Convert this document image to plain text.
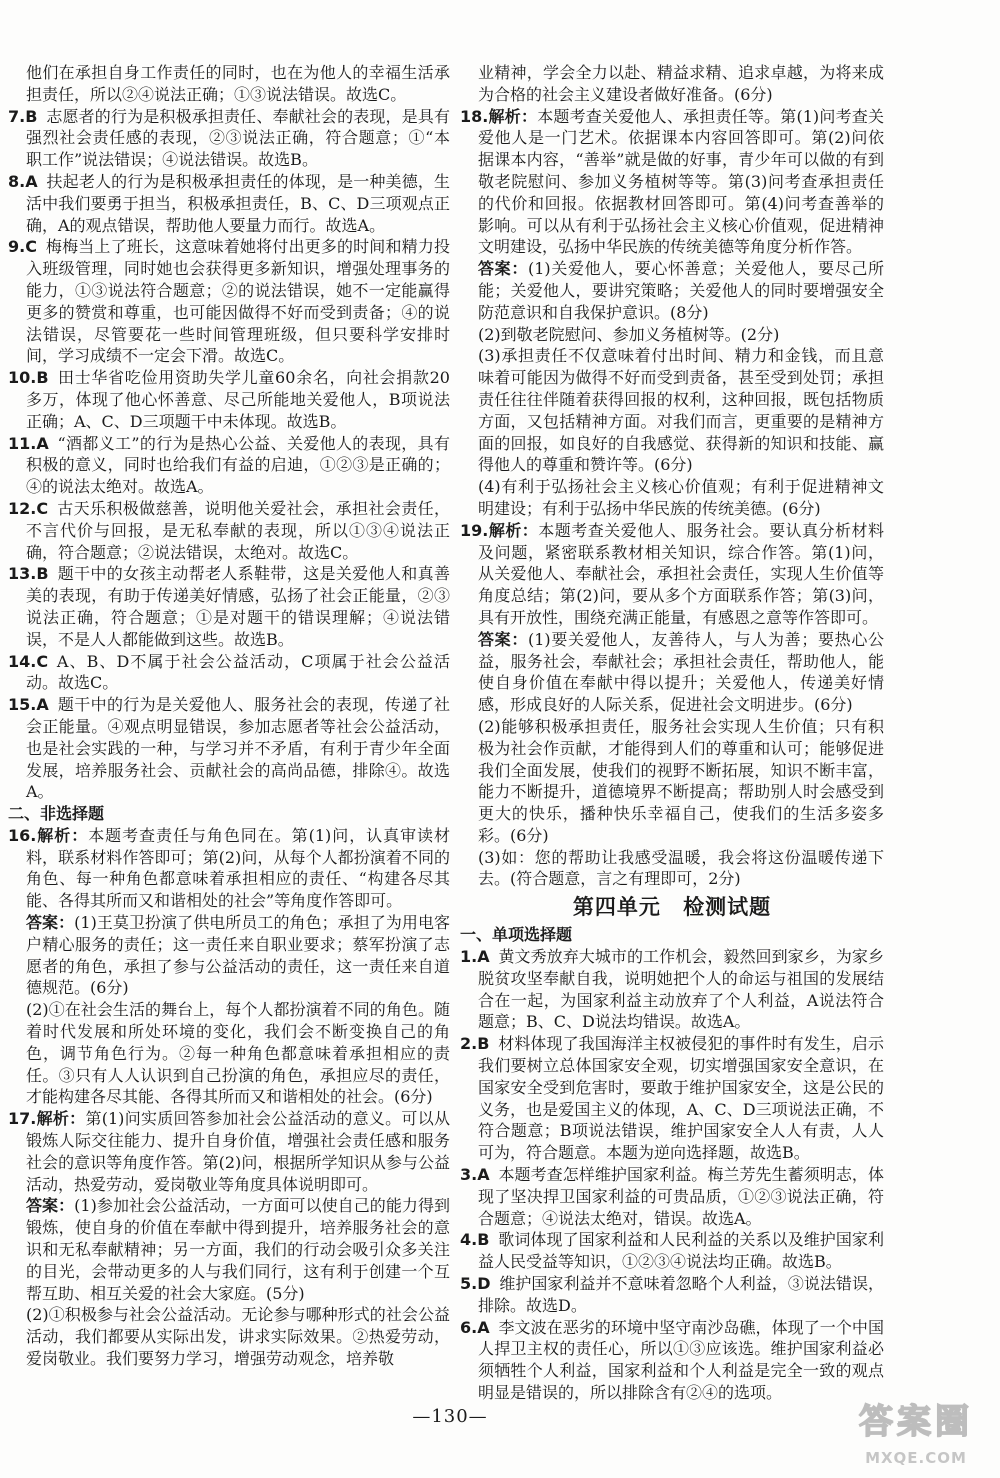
他们在承担自身工作责任的同时，也在为他人的幸福生活承担责任，所以②④说法正确；①③说法错误。故选C。

7.B 志愿者的行为是积极承担责任、奉献社会的表现，是具有强烈社会责任感的表现，②③说法正确，符合题意；①“本职工作”说法错误；④说法错误。故选B。

8.A 扶起老人的行为是积极承担责任的体现，是一种美德，生活中我们要勇于担当，积极承担责任，B、C、D三项观点正确，A的观点错误，帮助他人要量力而行。故选A。

9.C 梅梅当上了班长，这意味着她将付出更多的时间和精力投入班级管理，同时她也会获得更多新知识，增强处理事务的能力，①③说法符合题意；②的说法错误，她不一定能赢得更多的赞赏和尊重，也可能因做得不好而受到责备；④的说法错误，尽管要花一些时间管理班级，但只要科学安排时间，学习成绩不一定会下滑。故选C。

10.B 田士华省吃俭用资助失学儿童60余名，向社会捐款20多万，体现了他心怀善意、尽己所能地关爱他人，B项说法正确；A、C、D三项题干中未体现。故选B。

11.A “酒都义工”的行为是热心公益、关爱他人的表现，具有积极的意义，同时也给我们有益的启迪，①②③是正确的；④的说法太绝对。故选A。

12.C 古天乐积极做慈善，说明他关爱社会，承担社会责任，不言代价与回报，是无私奉献的表现，所以①③④说法正确，符合题意；②说法错误，太绝对。故选C。

13.B 题干中的女孩主动帮老人系鞋带，这是关爱他人和真善美的表现，有助于传递美好情感，弘扬了社会正能量，②③说法正确，符合题意；①是对题干的错误理解；④说法错误，不是人人都能做到这些。故选B。

14.C A、B、D不属于社会公益活动，C项属于社会公益活动。故选C。

15.A 题干中的行为是关爱他人、服务社会的表现，传递了社会正能量。④观点明显错误，参加志愿者等社会公益活动，也是社会实践的一种，与学习并不矛盾，有利于青少年全面发展，培养服务社会、贡献社会的高尚品德，排除④。故选A。

二、非选择题

16.解析：本题考查责任与角色同在。第(1)问，认真审读材料，联系材料作答即可；第(2)问，从每个人都扮演着不同的角色、每一种角色都意味着承担相应的责任、“构建各尽其能、各得其所而又和谐相处的社会”等角度作答即可。

答案：(1)王莫卫扮演了供电所员工的角色；承担了为用电客户精心服务的责任；这一责任来自职业要求；蔡军扮演了志愿者的角色，承担了参与公益活动的责任，这一责任来自道德规范。(6分)

(2)①在社会生活的舞台上，每个人都扮演着不同的角色。随着时代发展和所处环境的变化，我们会不断变换自己的角色，调节角色行为。②每一种角色都意味着承担相应的责任。③只有人人认识到自己扮演的角色，承担应尽的责任，才能构建各尽其能、各得其所而又和谐相处的社会。(6分)

17.解析：第(1)问实质回答参加社会公益活动的意义。可以从锻炼人际交往能力、提升自身价值，增强社会责任感和服务社会的意识等角度作答。第(2)问，根据所学知识从参与公益活动，热爱劳动，爱岗敬业等角度具体说明即可。

答案：(1)参加社会公益活动，一方面可以使自己的能力得到锻炼，使自身的价值在奉献中得到提升，培养服务社会的意识和无私奉献精神；另一方面，我们的行动会吸引众多关注的目光，会带动更多的人与我们同行，这有利于创建一个互帮互助、相互关爱的社会大家庭。(5分)

(2)①积极参与社会公益活动。无论参与哪种形式的社会公益活动，我们都要从实际出发，讲求实际效果。②热爱劳动，爱岗敬业。我们要努力学习，增强劳动观念，培养敬

业精神，学会全力以赴、精益求精、追求卓越，为将来成为合格的社会主义建设者做好准备。(6分)

18.解析：本题考查关爱他人、承担责任等。第(1)问考查关爱他人是一门艺术。依据课本内容回答即可。第(2)问依据课本内容，“善举”就是做的好事，青少年可以做的有到敬老院慰问、参加义务植树等等。第(3)问考查承担责任的代价和回报。依据教材回答即可。第(4)问考查善举的影响。可以从有利于弘扬社会主义核心价值观，促进精神文明建设，弘扬中华民族的传统美德等角度分析作答。

答案：(1)关爱他人，要心怀善意；关爱他人，要尽己所能；关爱他人，要讲究策略；关爱他人的同时要增强安全防范意识和自我保护意识。(8分)

(2)到敬老院慰问、参加义务植树等。(2分)

(3)承担责任不仅意味着付出时间、精力和金钱，而且意味着可能因为做得不好而受到责备，甚至受到处罚；承担责任往往伴随着获得回报的权利，这种回报，既包括物质方面，又包括精神方面。对我们而言，更重要的是精神方面的回报，如良好的自我感觉、获得新的知识和技能、赢得他人的尊重和赞许等。(6分)

(4)有利于弘扬社会主义核心价值观；有利于促进精神文明建设；有利于弘扬中华民族的传统美德。(6分)

19.解析：本题考查关爱他人、服务社会。要认真分析材料及问题，紧密联系教材相关知识，综合作答。第(1)问，从关爱他人、奉献社会，承担社会责任，实现人生价值等角度总结；第(2)问，要从多个方面联系作答；第(3)问，具有开放性，围绕充满正能量，有感恩之意等作答即可。

答案：(1)要关爱他人，友善待人，与人为善；要热心公益，服务社会，奉献社会；承担社会责任，帮助他人，能使自身价值在奉献中得以提升；关爱他人，传递美好情感，形成良好的人际关系，促进社会文明进步。(6分)

(2)能够积极承担责任，服务社会实现人生价值；只有积极为社会作贡献，才能得到人们的尊重和认可；能够促进我们全面发展，使我们的视野不断拓展，知识不断丰富，能力不断提升，道德境界不断提高；帮助别人时会感受到更大的快乐，播种快乐幸福自己，使我们的生活多姿多彩。(6分)

(3)如：您的帮助让我感受温暖，我会将这份温暖传递下去。(符合题意，言之有理即可，2分)

第四单元 检测试题

一、单项选择题

1.A 黄文秀放弃大城市的工作机会，毅然回到家乡，为家乡脱贫攻坚奉献自我，说明她把个人的命运与祖国的发展结合在一起，为国家利益主动放弃了个人利益，A说法符合题意；B、C、D说法均错误。故选A。

2.B 材料体现了我国海洋主权被侵犯的事件时有发生，启示我们要树立总体国家安全观，切实增强国家安全意识，在国家安全受到危害时，要敢于维护国家安全，这是公民的义务，也是爱国主义的体现，A、C、D三项说法正确，不符合题意；B项说法错误，维护国家安全人人有责，人人可为，符合题意。本题为逆向选择题，故选B。

3.A 本题考查怎样维护国家利益。梅兰芳先生蓄须明志，体现了坚决捍卫国家利益的可贵品质，①②③说法正确，符合题意；④说法太绝对，错误。故选A。

4.B 歌词体现了国家利益和人民利益的关系以及维护国家利益人民受益等知识，①②③④说法均正确。故选B。

5.D 维护国家利益并不意味着忽略个人利益，③说法错误，排除。故选D。

6.A 李文波在恶劣的环境中坚守南沙岛礁，体现了一个中国人捍卫主权的责任心，所以①③应该选。维护国家利益必须牺牲个人利益，国家利益和个人利益是完全一致的观点明显是错误的，所以排除含有②④的选项。

—130—	答案圈
MXQE.COM
